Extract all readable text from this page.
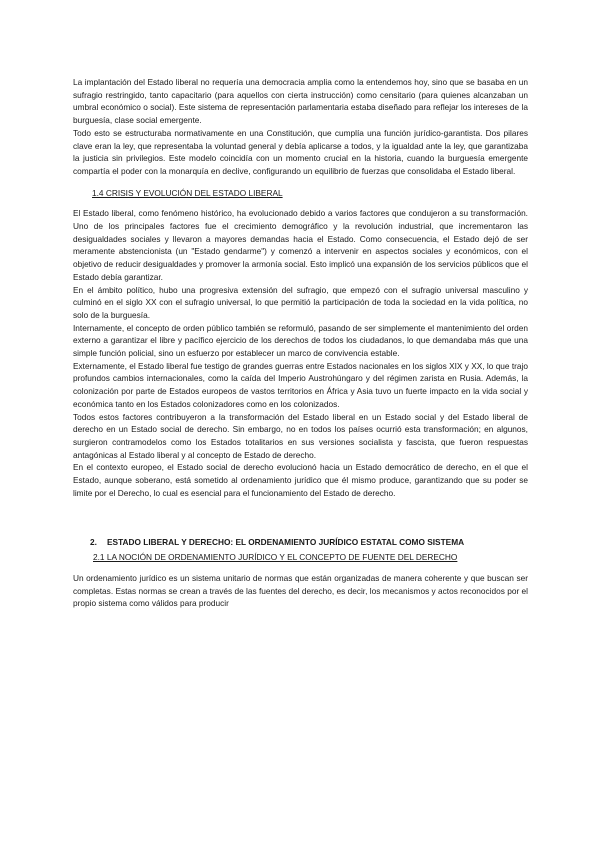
La implantación del Estado liberal no requería una democracia amplia como la entendemos hoy, sino que se basaba en un sufragio restringido, tanto capacitario (para aquellos con cierta instrucción) como censitario (para quienes alcanzaban un umbral económico o social). Este sistema de representación parlamentaria estaba diseñado para reflejar los intereses de la burguesía, clase social emergente.

Todo esto se estructuraba normativamente en una Constitución, que cumplía una función jurídico-garantista. Dos pilares clave eran la ley, que representaba la voluntad general y debía aplicarse a todos, y la igualdad ante la ley, que garantizaba la justicia sin privilegios. Este modelo coincidía con un momento crucial en la historia, cuando la burguesía emergente compartía el poder con la monarquía en declive, configurando un equilibrio de fuerzas que consolidaba el Estado liberal.

1.4 CRISIS Y EVOLUCIÓN DEL ESTADO LIBERAL

El Estado liberal, como fenómeno histórico, ha evolucionado debido a varios factores que condujeron a su transformación. Uno de los principales factores fue el crecimiento demográfico y la revolución industrial, que incrementaron las desigualdades sociales y llevaron a mayores demandas hacia el Estado. Como consecuencia, el Estado dejó de ser meramente abstencionista (un "Estado gendarme") y comenzó a intervenir en aspectos sociales y económicos, con el objetivo de reducir desigualdades y promover la armonía social. Esto implicó una expansión de los servicios públicos que el Estado debía garantizar.

En el ámbito político, hubo una progresiva extensión del sufragio, que empezó con el sufragio universal masculino y culminó en el siglo XX con el sufragio universal, lo que permitió la participación de toda la sociedad en la vida política, no solo de la burguesía.

Internamente, el concepto de orden público también se reformuló, pasando de ser simplemente el mantenimiento del orden externo a garantizar el libre y pacífico ejercicio de los derechos de todos los ciudadanos, lo que demandaba más que una simple función policial, sino un esfuerzo por establecer un marco de convivencia estable.

Externamente, el Estado liberal fue testigo de grandes guerras entre Estados nacionales en los siglos XIX y XX, lo que trajo profundos cambios internacionales, como la caída del Imperio Austrohúngaro y del régimen zarista en Rusia. Además, la colonización por parte de Estados europeos de vastos territorios en África y Asia tuvo un fuerte impacto en la vida social y económica tanto en los Estados colonizadores como en los colonizados.

Todos estos factores contribuyeron a la transformación del Estado liberal en un Estado social y del Estado liberal de derecho en un Estado social de derecho. Sin embargo, no en todos los países ocurrió esta transformación; en algunos, surgieron contramodelos como los Estados totalitarios en sus versiones socialista y fascista, que fueron respuestas antagónicas al Estado liberal y al concepto de Estado de derecho.

En el contexto europeo, el Estado social de derecho evolucionó hacia un Estado democrático de derecho, en el que el Estado, aunque soberano, está sometido al ordenamiento jurídico que él mismo produce, garantizando que su poder se limite por el Derecho, lo cual es esencial para el funcionamiento del Estado de derecho.

2. ESTADO LIBERAL Y DERECHO: EL ORDENAMIENTO JURÍDICO ESTATAL COMO SISTEMA
2.1 LA NOCIÓN DE ORDENAMIENTO JURÍDICO Y EL CONCEPTO DE FUENTE DEL DERECHO

Un ordenamiento jurídico es un sistema unitario de normas que están organizadas de manera coherente y que buscan ser completas. Estas normas se crean a través de las fuentes del derecho, es decir, los mecanismos y actos reconocidos por el propio sistema como válidos para producir
